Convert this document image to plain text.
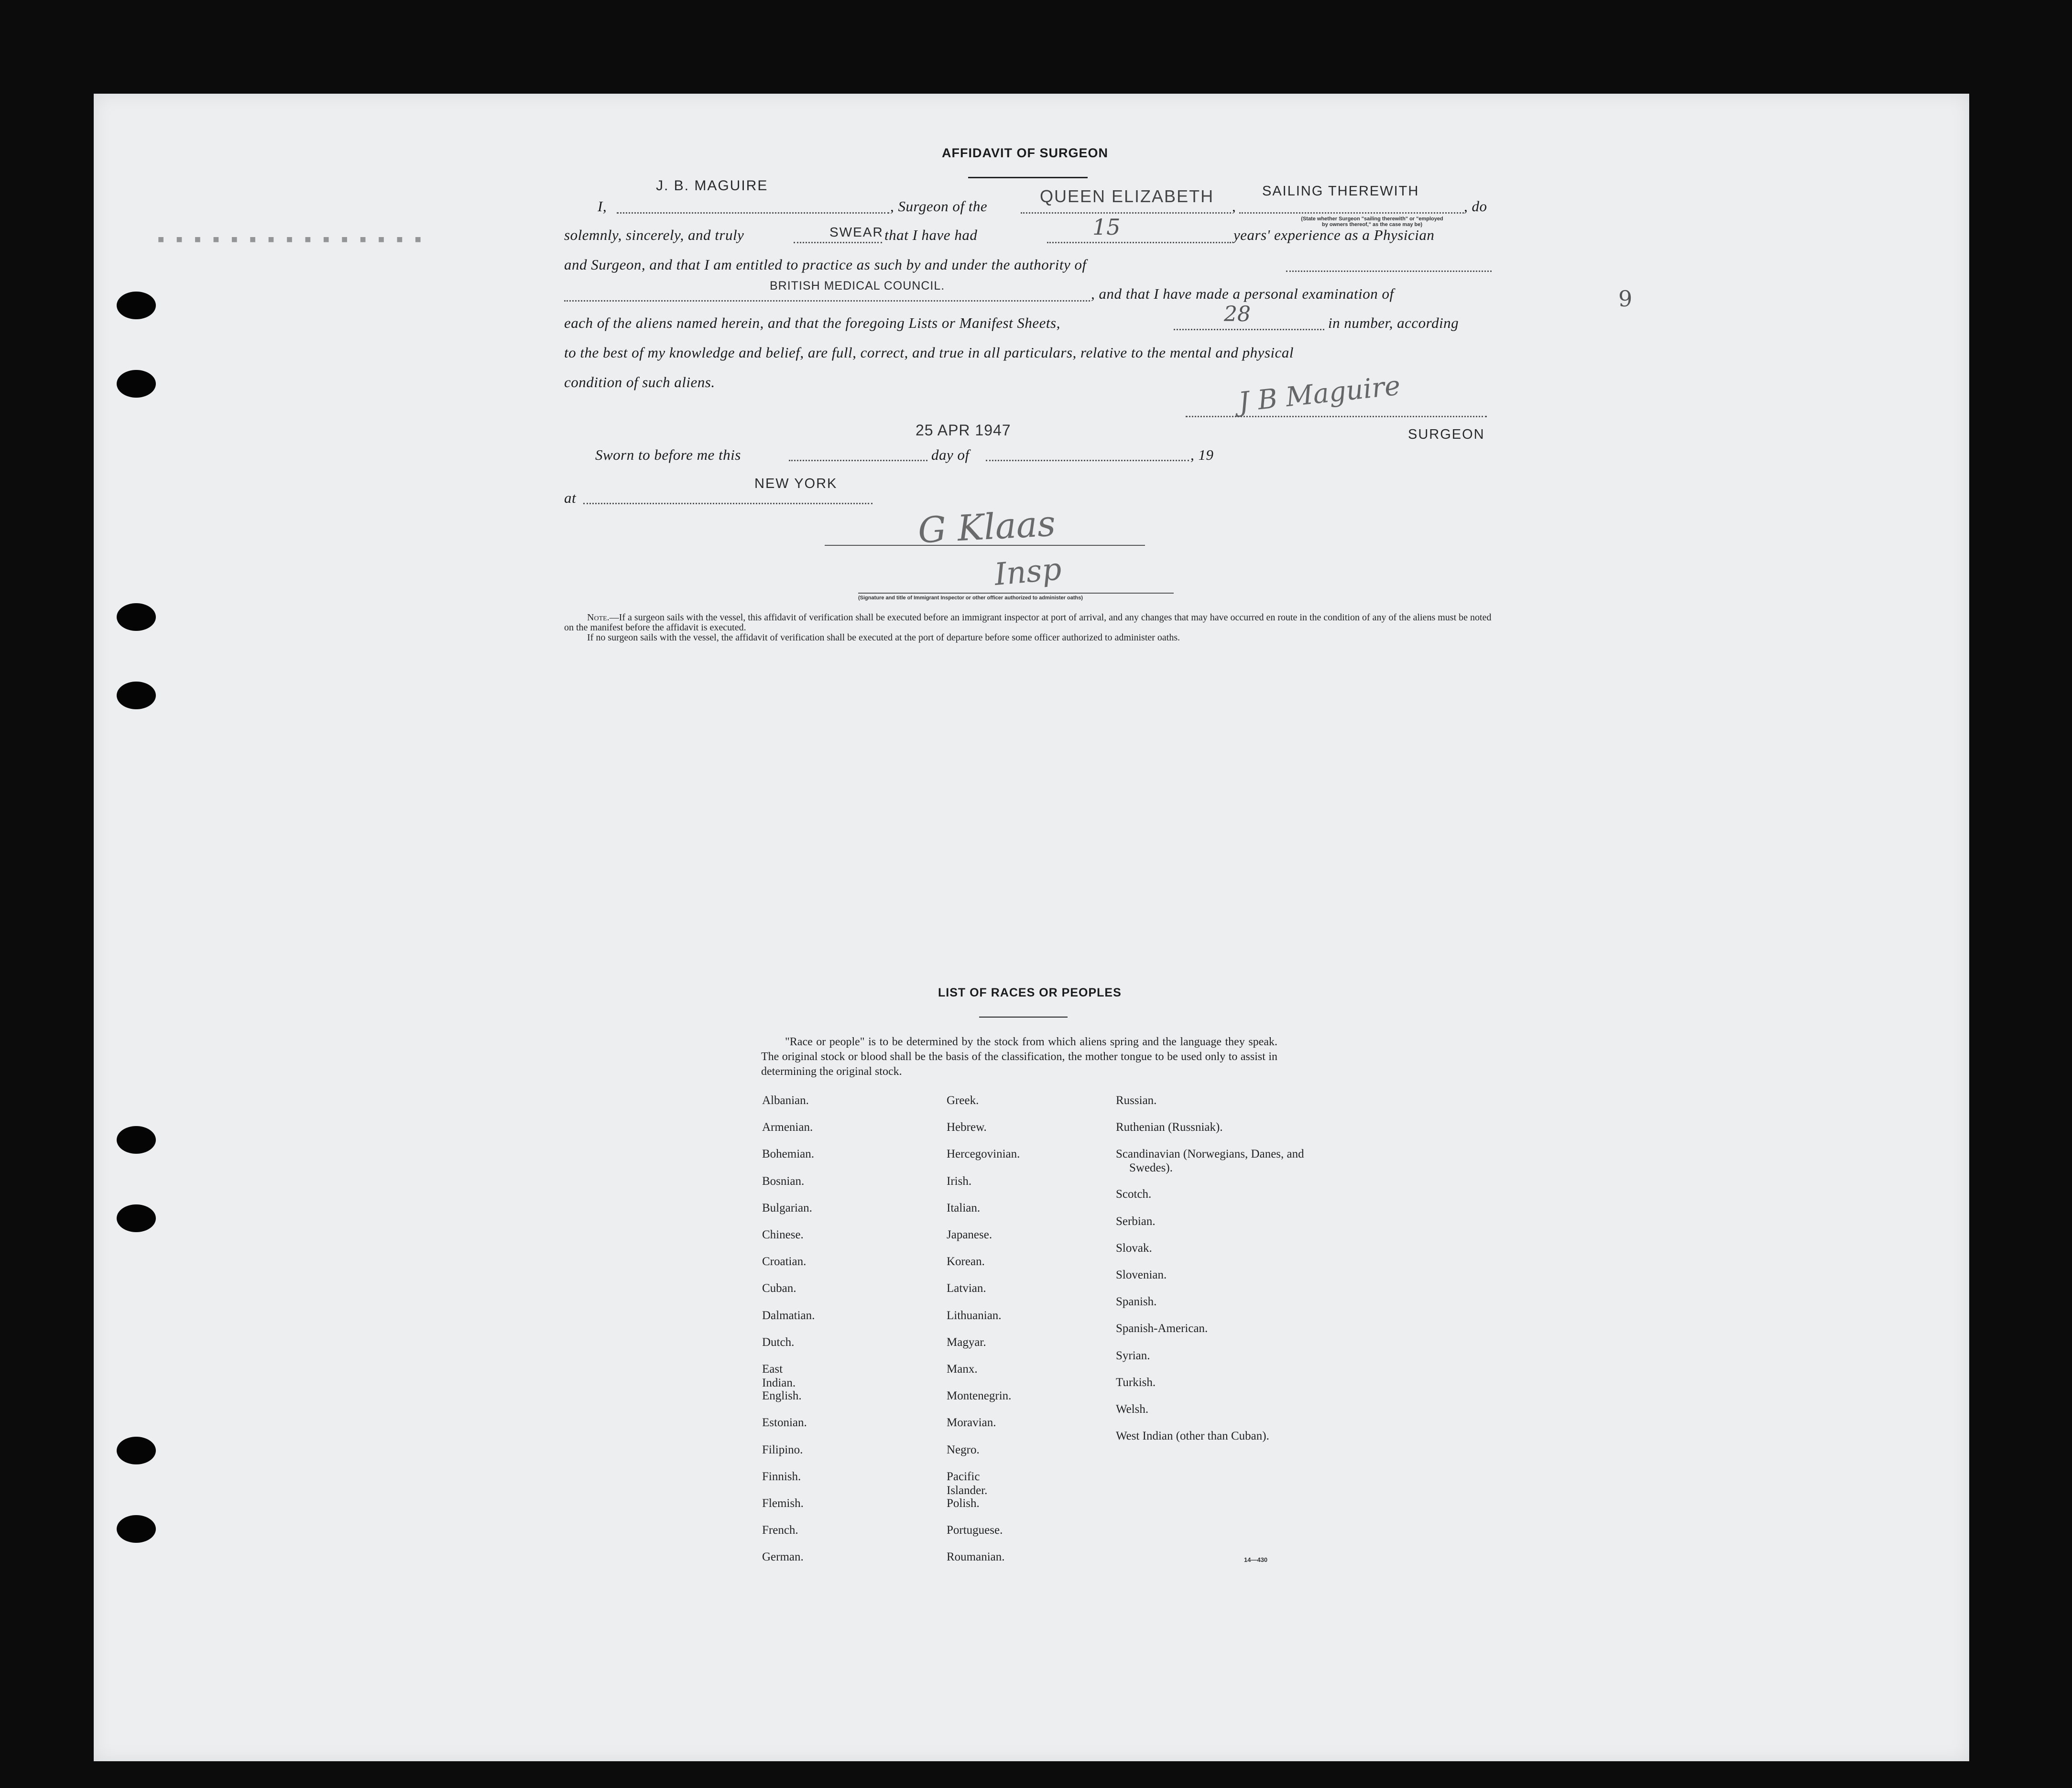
■ ■ ■ ■ ■ ■ ■ ■ ■ ■ ■ ■ ■ ■ ■
AFFIDAVIT OF SURGEON
J. B. MAGUIRE
I,	, Surgeon of the
QUEEN ELIZABETH
,
SAILING THEREWITH
(State whether Surgeon "sailing therewith" or "employed by owners thereof," as the case may be)
, do
solemnly, sincerely, and truly	SWEAR that I have had	15	years' experience as a Physician
and Surgeon, and that I am entitled to practice as such by and under the authority of
BRITISH MEDICAL COUNCIL.	, and that I have made a personal examination of
each of the aliens named herein, and that the foregoing Lists or Manifest Sheets,	28	in number, according
to the best of my knowledge and belief, are full, correct, and true in all particulars, relative to the mental and physical
condition of such aliens.	J B Maguire
SURGEON
25 APR 1947
Sworn to before me this	day of	, 19
NEW YORK
at
G Klaas
Insp
(Signature and title of Immigrant Inspector or other officer authorized to administer oaths)
Note.—If a surgeon sails with the vessel, this affidavit of verification shall be executed before an immigrant inspector at port of arrival, and any changes that may have occurred en route in the condition of any of the aliens must be noted on the manifest before the affidavit is executed.
If no surgeon sails with the vessel, the affidavit of verification shall be executed at the port of departure before some officer authorized to administer oaths.
9
LIST OF RACES OR PEOPLES
"Race or people" is to be determined by the stock from which aliens spring and the language they speak. The original stock or blood shall be the basis of the classification, the mother tongue to be used only to assist in determining the original stock.
Russian.
Ruthenian (Russniak).
Scandinavian (Norwegians, Danes, and Swedes).
Scotch.
Serbian.
Slovak.
Slovenian.
Spanish.
Spanish-American.
Syrian.
Turkish.
Welsh.
West Indian (other than Cuban).
14—430
